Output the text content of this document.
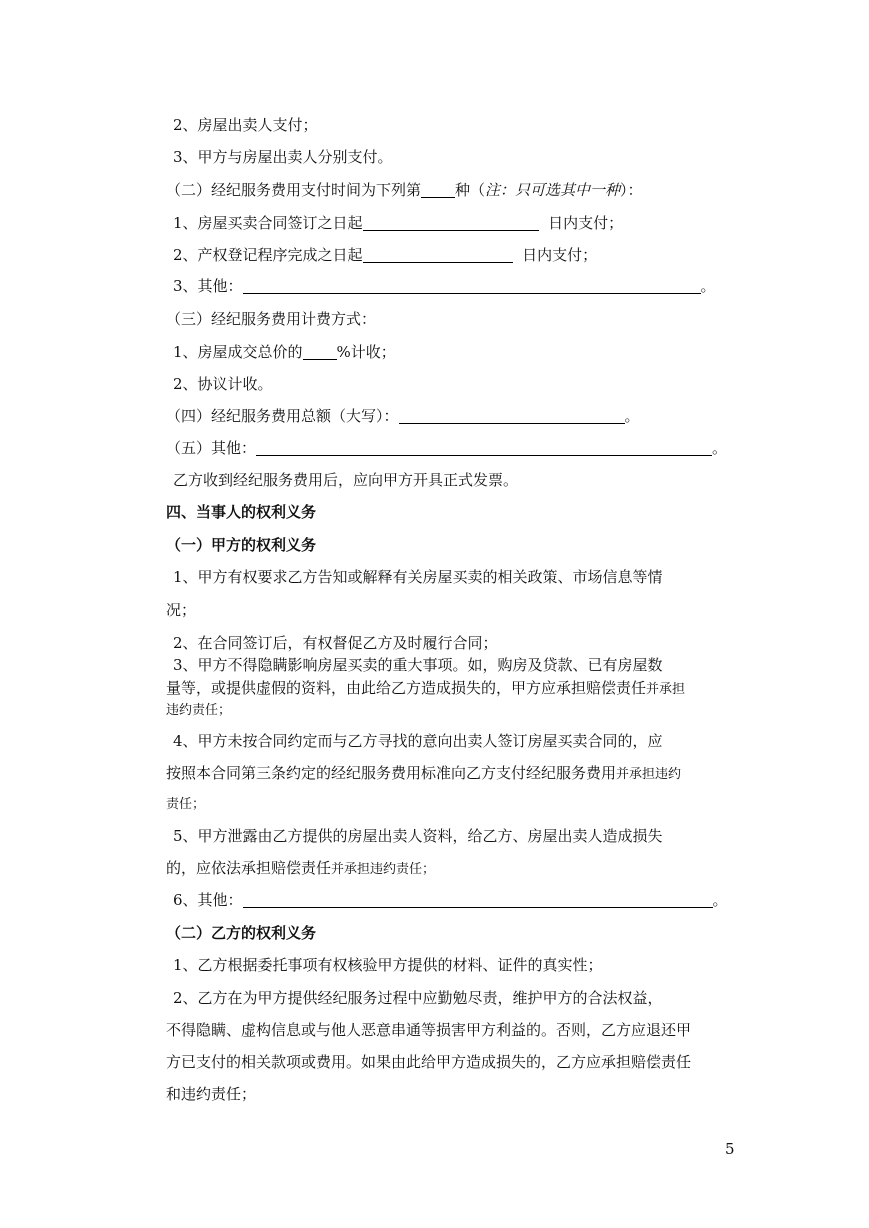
2、房屋出卖人支付；
3、甲方与房屋出卖人分别支付。
（二）经纪服务费用支付时间为下列第 种（注：只可选其中一种）：
1、房屋买卖合同签订之日起	日内支付；
2、产权登记程序完成之日起	日内支付；
3、其他：	。
（三）经纪服务费用计费方式：
1、房屋成交总价的 %计收；
2、协议计收。
（四）经纪服务费用总额（大写）：	。
（五）其他：	。
乙方收到经纪服务费用后，应向甲方开具正式发票。
四、当事人的权利义务
（一）甲方的权利义务
1、甲方有权要求乙方告知或解释有关房屋买卖的相关政策、市场信息等情
况；
2、在合同签订后，有权督促乙方及时履行合同；
3、甲方不得隐瞒影响房屋买卖的重大事项。如，购房及贷款、已有房屋数
量等，或提供虚假的资料，由此给乙方造成损失的，甲方应承担赔偿责任并承担
违约责任；
4、甲方未按合同约定而与乙方寻找的意向出卖人签订房屋买卖合同的，应
按照本合同第三条约定的经纪服务费用标准向乙方支付经纪服务费用并承担违约
责任；
5、甲方泄露由乙方提供的房屋出卖人资料，给乙方、房屋出卖人造成损失
的，应依法承担赔偿责任并承担违约责任；
6、其他：	。
（二）乙方的权利义务
1、乙方根据委托事项有权核验甲方提供的材料、证件的真实性；
2、乙方在为甲方提供经纪服务过程中应勤勉尽责，维护甲方的合法权益，
不得隐瞒、虚构信息或与他人恶意串通等损害甲方利益的。否则，乙方应退还甲
方已支付的相关款项或费用。如果由此给甲方造成损失的，乙方应承担赔偿责任
和违约责任；
5
